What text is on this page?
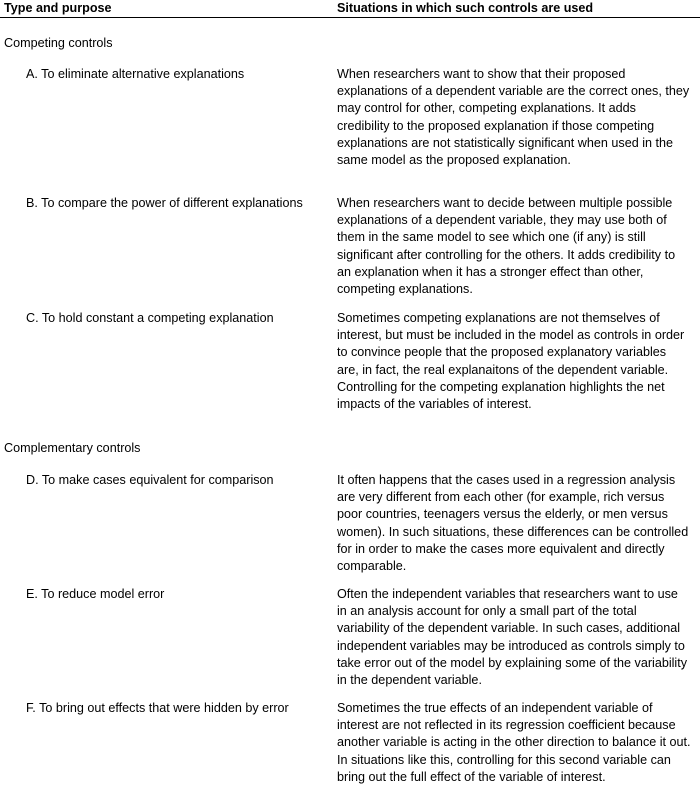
Type and purpose	Situations in which such controls are used
Competing controls
A. To eliminate alternative explanations	When researchers want to show that their proposed explanations of a dependent variable are the correct ones, they may control for other, competing explanations. It adds credibility to the proposed explanation if those competing explanations are not statistically significant when used in the same model as the proposed explanation.
B. To compare the power of different explanations	When researchers want to decide between multiple possible explanations of a dependent variable, they may use both of them in the same model to see which one (if any) is still significant after controlling for the others. It adds credibility to an explanation when it has a stronger effect than other, competing explanations.
C. To hold constant a competing explanation	Sometimes competing explanations are not themselves of interest, but must be included in the model as controls in order to convince people that the proposed explanatory variables are, in fact, the real explanaitons of the dependent variable. Controlling for the competing explanation highlights the net impacts of the variables of interest.
Complementary controls
D. To make cases equivalent for comparison	It often happens that the cases used in a regression analysis are very different from each other (for example, rich versus poor countries, teenagers versus the elderly, or men versus women). In such situations, these differences can be controlled for in order to make the cases more equivalent and directly comparable.
E. To reduce model error	Often the independent variables that researchers want to use in an analysis account for only a small part of the total variability of the dependent variable. In such cases, additional independent variables may be introduced as controls simply to take error out of the model by explaining some of the variability in the dependent variable.
F. To bring out effects that were hidden by error	Sometimes the true effects of an independent variable of interest are not reflected in its regression coefficient because another variable is acting in the other direction to balance it out. In situations like this, controlling for this second variable can bring out the full effect of the variable of interest.
